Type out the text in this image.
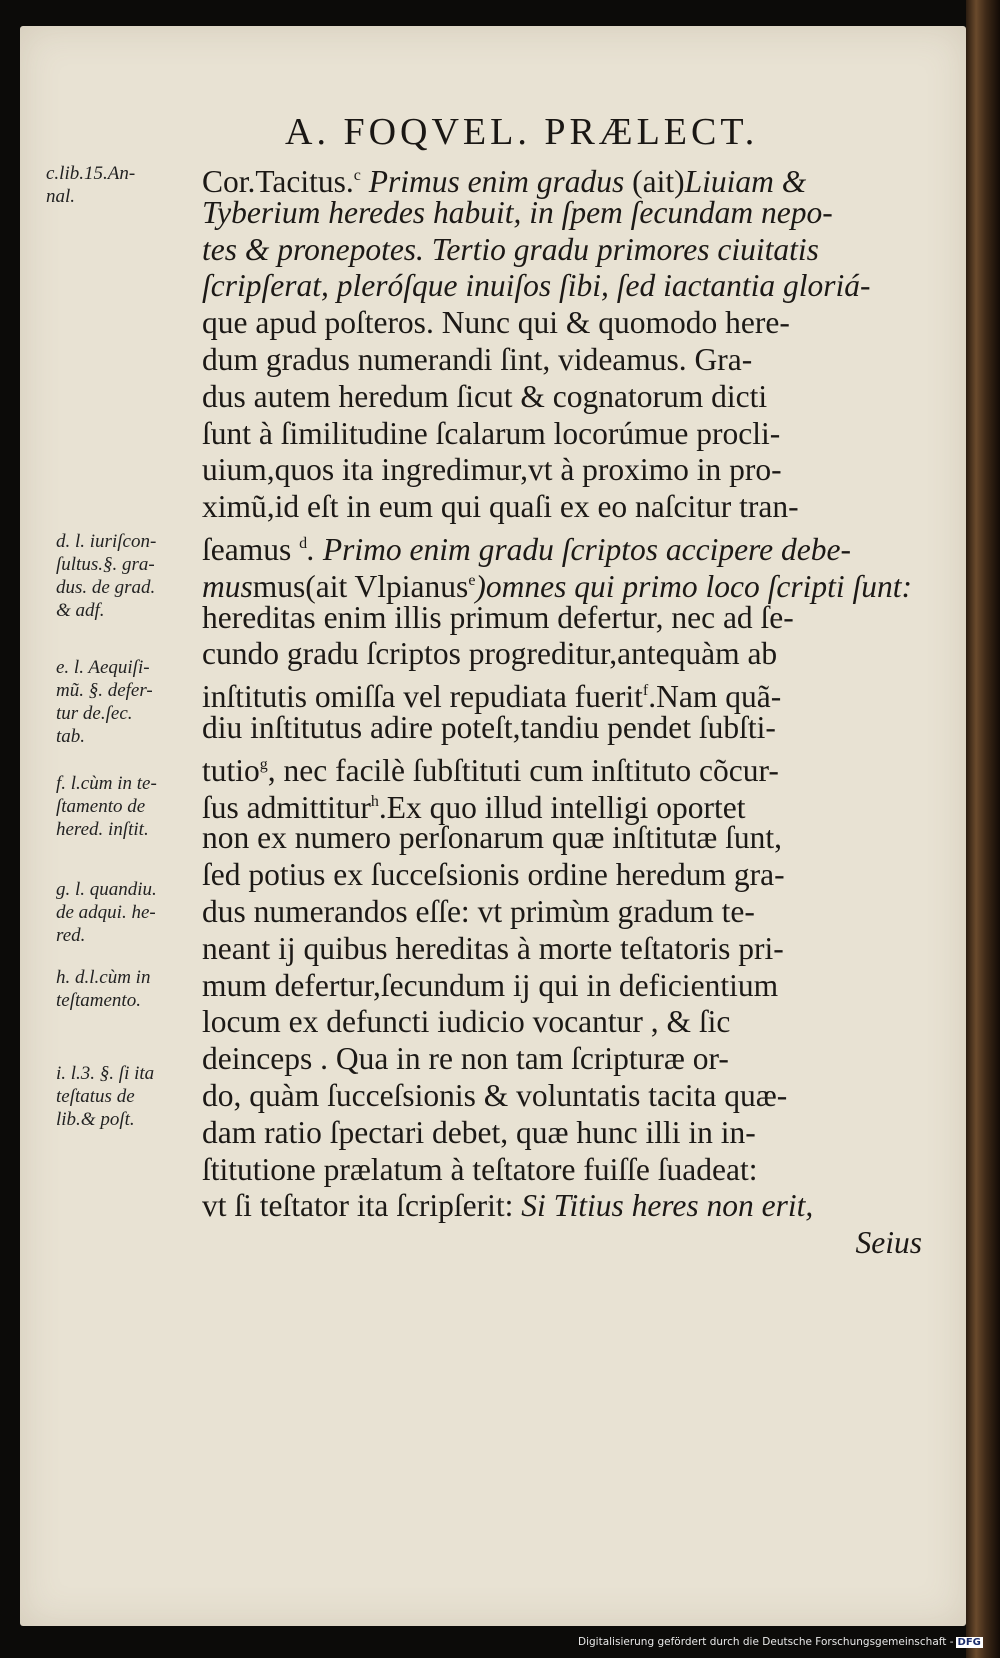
A. FOQVEL. PRÆLECT.
Cor.Tacitus.$^c$ Primus enim gradus (ait)Liuiam &
Tyberium heredes habuit, in ſpem ſecundam nepo-
tes & pronepotes. Tertio gradu primores ciuitatis
ſcripſerat, pleróſque inuiſos ſibi, ſed iactantia gloriá-
que apud poſteros. Nunc qui & quomodo here-
dum gradus numerandi ſint, videamus. Gra-
dus autem heredum ſicut & cognatorum dicti
ſunt à ſimilitudine ſcalarum locorúmue procli-
uium,quos ita ingredimur,vt à proximo in pro-
ximũ,id eſt in eum qui quaſi ex eo naſcitur tran-
ſeamus $^d$. Primo enim gradu ſcriptos accipere debe-
musmus(ait Vlpianus$^e$)omnes qui primo loco ſcripti ſunt:
hereditas enim illis primum defertur, nec ad ſe-
cundo gradu ſcriptos progreditur,antequàm ab
inſtitutis omiſſa vel repudiata fuerit$^f$.Nam quã-
diu inſtitutus adire poteſt,tandiu pendet ſubſti-
tutio$^g$, nec facilè ſubſtituti cum inſtituto cõcur-
ſus admittitur$^h$.Ex quo illud intelligi oportet
non ex numero perſonarum quæ inſtitutæ ſunt,
ſed potius ex ſucceſsionis ordine heredum gra-
dus numerandos eſſe: vt primùm gradum te-
neant ij quibus hereditas à morte teſtatoris pri-
mum defertur,ſecundum ij qui in deficientium
locum ex defuncti iudicio vocantur , & ſic
deinceps . Qua in re non tam ſcripturæ or-
do, quàm ſucceſsionis & voluntatis tacita quæ-
dam ratio ſpectari debet, quæ hunc illi in in-
ſtitutione prælatum à teſtatore fuiſſe ſuadeat:
vt ſi teſtator ita ſcripſerit: Si Titius heres non erit,
Seius
c.lib.15.An-
nal.
d. l. iuriſcon-
ſultus.§. gra-
dus. de grad.
& adf.
e. l. Aequiſi-
mũ. §. defer-
tur de.ſec.
tab.
f. l.cùm in te-
ſtamento de
hered. inſtit.
g. l. quandiu.
de adqui. he-
red.
h. d.l.cùm in
teſtamento.
i. l.3. §. ſi ita
teſtatus de
lib.& poſt.
Digitalisierung gefördert durch die Deutsche Forschungsgemeinschaft - DFG
